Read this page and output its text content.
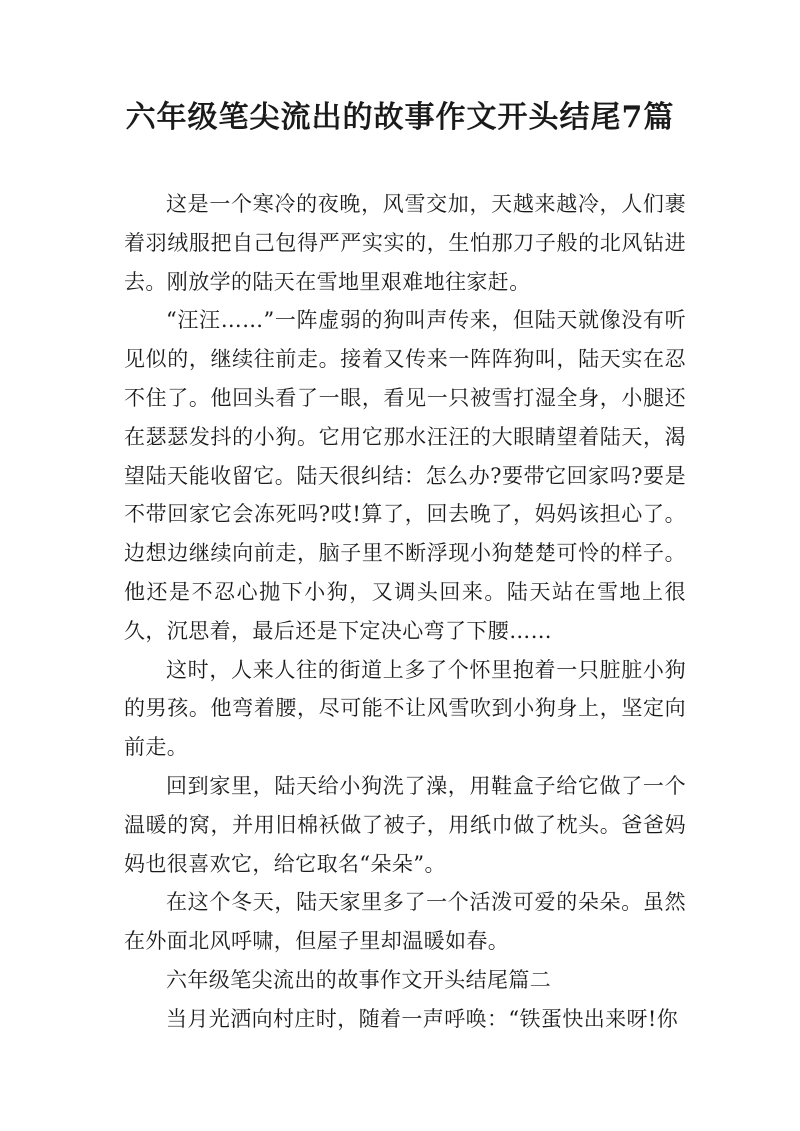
六年级笔尖流出的故事作文开头结尾7篇

这是一个寒冷的夜晚，风雪交加，天越来越冷，人们裹着羽绒服把自己包得严严实实的，生怕那刀子般的北风钻进去。刚放学的陆天在雪地里艰难地往家赶。

“汪汪……”一阵虚弱的狗叫声传来，但陆天就像没有听见似的，继续往前走。接着又传来一阵阵狗叫，陆天实在忍不住了。他回头看了一眼，看见一只被雪打湿全身，小腿还在瑟瑟发抖的小狗。它用它那水汪汪的大眼睛望着陆天，渴望陆天能收留它。陆天很纠结：怎么办?要带它回家吗?要是不带回家它会冻死吗?哎!算了，回去晚了，妈妈该担心了。边想边继续向前走，脑子里不断浮现小狗楚楚可怜的样子。他还是不忍心抛下小狗，又调头回来。陆天站在雪地上很久，沉思着，最后还是下定决心弯了下腰……

这时，人来人往的街道上多了个怀里抱着一只脏脏小狗的男孩。他弯着腰，尽可能不让风雪吹到小狗身上，坚定向前走。

回到家里，陆天给小狗洗了澡，用鞋盒子给它做了一个温暖的窝，并用旧棉袄做了被子，用纸巾做了枕头。爸爸妈妈也很喜欢它，给它取名“朵朵”。

在这个冬天，陆天家里多了一个活泼可爱的朵朵。虽然在外面北风呼啸，但屋子里却温暖如春。

六年级笔尖流出的故事作文开头结尾篇二

当月光洒向村庄时，随着一声呼唤：“铁蛋快出来呀!你
